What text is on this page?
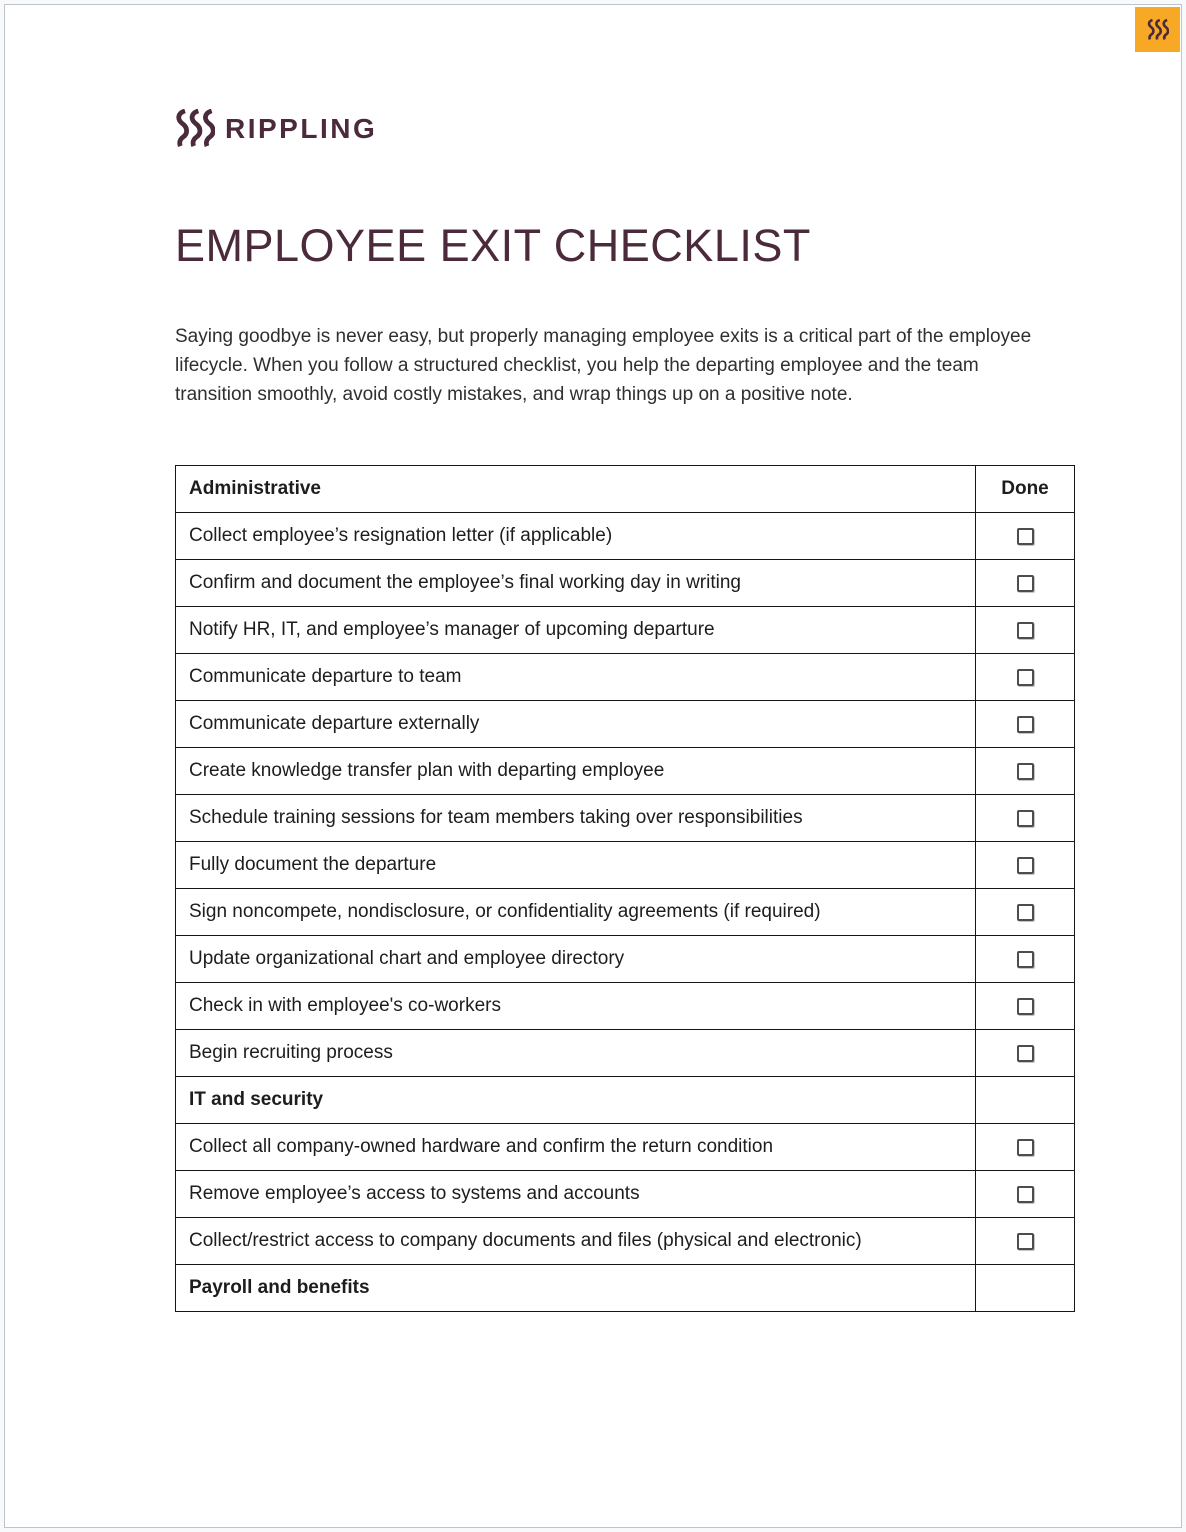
RIPPLING
EMPLOYEE EXIT CHECKLIST

Saying goodbye is never easy, but properly managing employee exits is a critical part of the employee lifecycle. When you follow a structured checklist, you help the departing employee and the team transition smoothly, avoid costly mistakes, and wrap things up on a positive note.

Administrative	Done
Collect employee’s resignation letter (if applicable)	

Confirm and document the employee’s final working day in writing	

Notify HR, IT, and employee’s manager of upcoming departure	

Communicate departure to team	

Communicate departure externally	

Create knowledge transfer plan with departing employee	

Schedule training sessions for team members taking over responsibilities	

Fully document the departure	

Sign noncompete, nondisclosure, or confidentiality agreements (if required)	

Update organizational chart and employee directory	

Check in with employee's co-workers	

Begin recruiting process	

IT and security	
Collect all company-owned hardware and confirm the return condition	

Remove employee’s access to systems and accounts	

Collect/restrict access to company documents and files (physical and electronic)	

Payroll and benefits	
